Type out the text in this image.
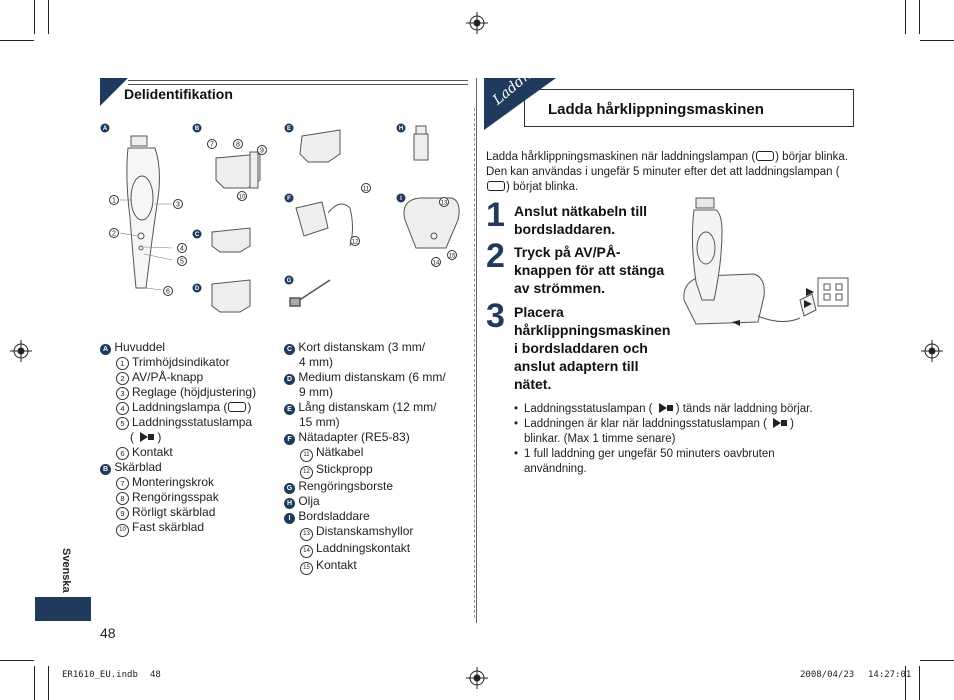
Delidentifikation
A	B
C
D
E
F
G
H
I
1
2
3
4
5
6
7	8
9
10
11
12
13
14
15
A Huvuddel
1 Trimhöjdsindikator
2 AV/PÅ-knapp
3 Reglage (höjdjustering)
4 Laddningslampa ( )
5 Laddningsstatuslampa
( )
6 Kontakt
B Skärblad
7 Monteringskrok
8 Rengöringsspak
9 Rörligt skärblad
10 Fast skärblad
C Kort distanskam (3 mm/
4 mm)
D Medium distanskam (6 mm/
9 mm)
E Lång distanskam (12 mm/
15 mm)
F Nätadapter (RE5-83)
11 Nätkabel
12 Stickpropp
G Rengöringsborste
H Olja
I Bordsladdare
13 Distanskamshyllor
14 Laddningskontakt
15 Kontakt
Laddning
Ladda hårklippningsmaskinen
Ladda hårklippningsmaskinen när laddningslampan ( ) börjar blinka. Den kan användas i ungefär 5 minuter efter det att laddningslampan () börjat blinka.
1 Anslut nätkabeln till
bordsladdaren.
2 Tryck på AV/PÅ-
knappen för att stänga
av strömmen.
3 Placera
hårklippningsmaskinen
i bordsladdaren och
anslut adaptern till
nätet.
• Laddningsstatuslampan ( ) tänds när laddning börjar.
• Laddningen är klar när laddningsstatuslampan ( )
blinkar. (Max 1 timme senare)
• 1 full laddning ger ungefär 50 minuters oavbruten
användning.
Svenska
48
ER1610_EU.indb 48	2008/04/23 14:27:01
